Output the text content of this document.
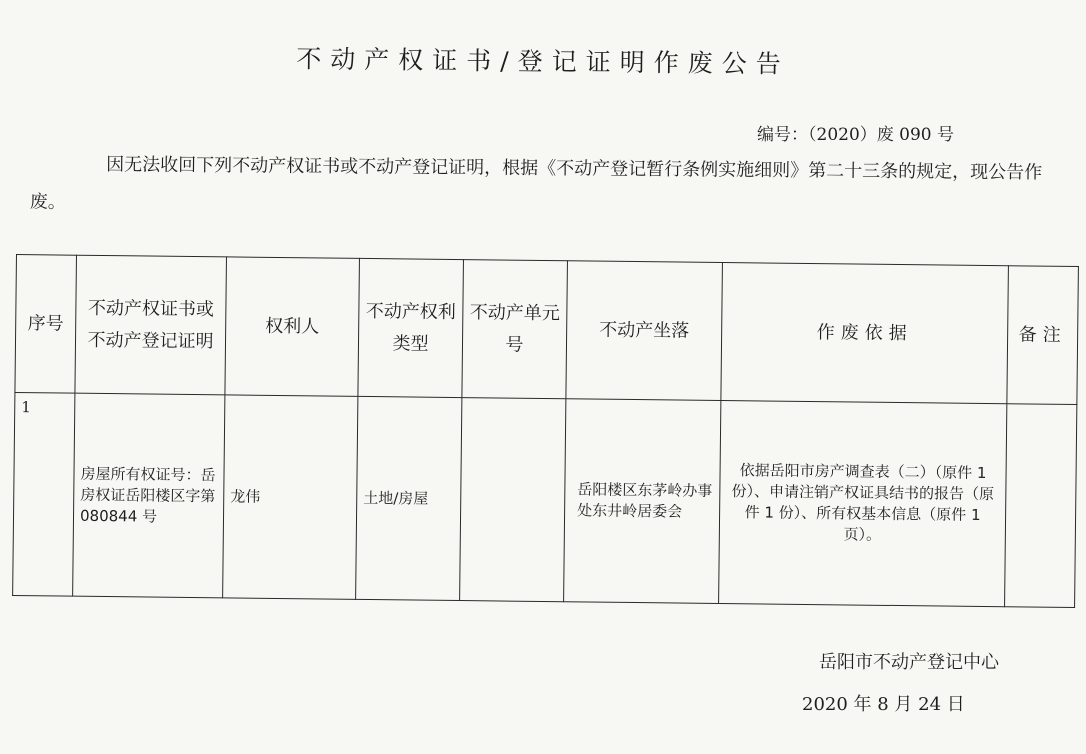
不动产权证书/登记证明作废公告
编号：（2020）废 090 号
因无法收回下列不动产权证书或不动产登记证明，根据《不动产登记暂行条例实施细则》第二十三条的规定，现公告作废。
序号	不动产权证书或不动产登记证明	权利人	不动产权利类型	不动产单元号	不动产坐落	作废依据	备注
1	房屋所有权证号：岳房权证岳阳楼区字第 080844 号	龙伟	土地/房屋		岳阳楼区东茅岭办事处东井岭居委会	依据岳阳市房产调查表（二）（原件 1 份）、申请注销产权证具结书的报告（原件 1 份）、所有权基本信息（原件 1 页）。	
岳阳市不动产登记中心
2020 年 8 月 24 日
